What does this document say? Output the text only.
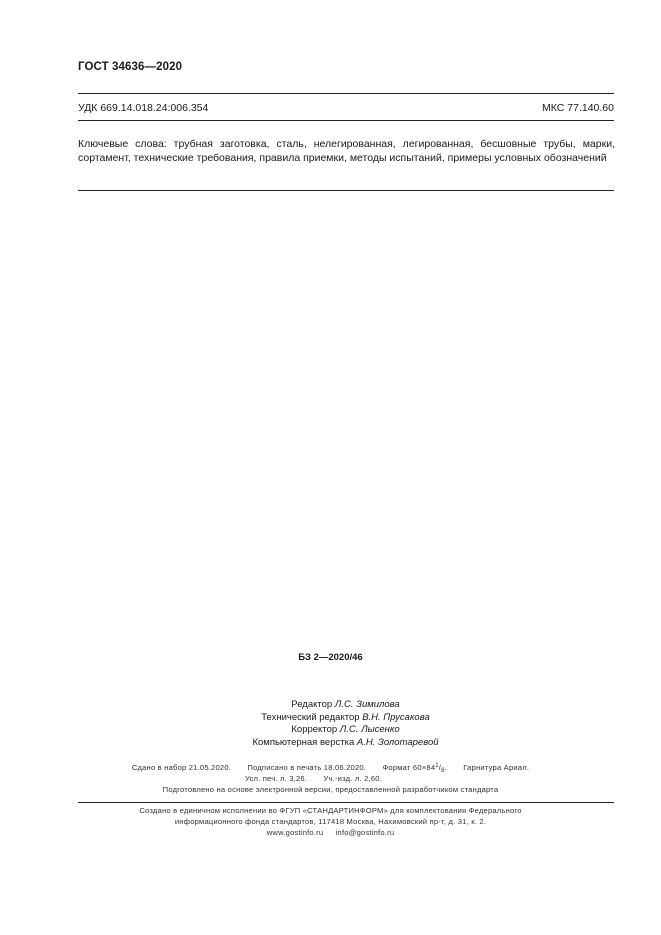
ГОСТ 34636—2020
УДК 669.14.018.24:006.354	МКС 77.140.60
Ключевые слова: трубная заготовка, сталь, нелегированная, легированная, бесшовные трубы, марки, сортамент, технические требования, правила приемки, методы испытаний, примеры условных обозначений
БЗ 2—2020/46
Редактор Л.С. Зимилова
Технический редактор В.Н. Прусакова
Корректор Л.С. Лысенко
Компьютерная верстка А.Н. Золотаревой
Сдано в набор 21.05.2020. Подписано в печать 18.06.2020. Формат $60\times 84^1/_8$. Гарнитура Ариал.
Усл. печ. л. 3,26. Уч.-изд. л. 2,60.
Подготовлено на основе электронной версии, предоставленной разработчиком стандарта
Создано в единичном исполнении во ФГУП «СТАНДАРТИНФОРМ» для комплектования Федерального
информационного фонда стандартов, 117418 Москва, Нахимовский пр-т, д. 31, к. 2.
www.gostinfo.ru info@gostinfo.ru
